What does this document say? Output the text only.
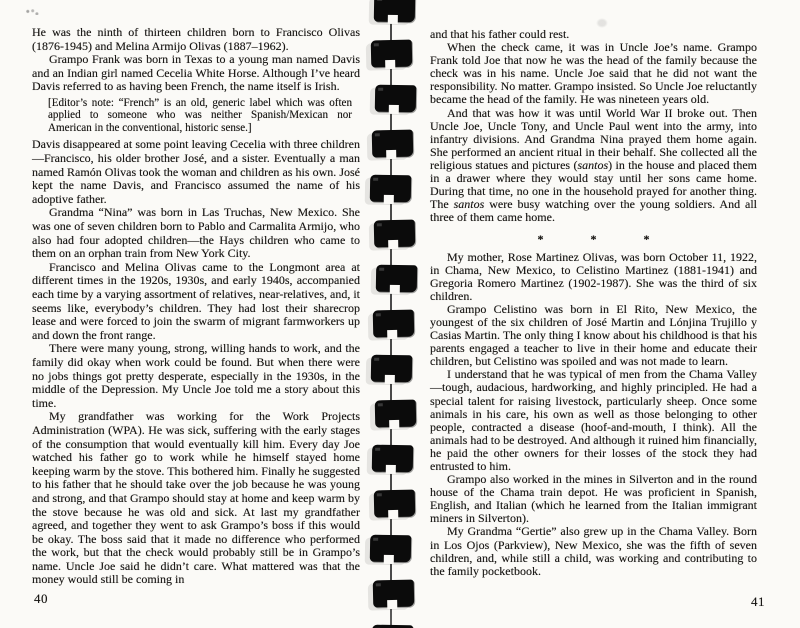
He was the ninth of thirteen children born to Francisco Olivas (1876-1945) and Melina Armijo Olivas (1887–1962).

Grampo Frank was born in Texas to a young man named Davis and an Indian girl named Cecelia White Horse. Although I’ve heard Davis referred to as having been French, the name itself is Irish.

[Editor’s note: “French” is an old, generic label which was often applied to someone who was neither Spanish/Mexican nor American in the conventional, historic sense.]

Davis disappeared at some point leaving Cecelia with three children—Francisco, his older brother José, and a sister. Eventually a man named Ramón Olivas took the woman and children as his own. José kept the name Davis, and Francisco assumed the name of his adoptive father.

Grandma “Nina” was born in Las Truchas, New Mexico. She was one of seven children born to Pablo and Carmalita Armijo, who also had four adopted children—the Hays children who came to them on an orphan train from New York City.

Francisco and Melina Olivas came to the Longmont area at different times in the 1920s, 1930s, and early 1940s, accompanied each time by a varying assortment of relatives, near-relatives, and, it seems like, everybody’s children. They had lost their sharecrop lease and were forced to join the swarm of migrant farmworkers up and down the front range.

There were many young, strong, willing hands to work, and the family did okay when work could be found. But when there were no jobs things got pretty desperate, especially in the 1930s, in the middle of the Depression. My Uncle Joe told me a story about this time.

My grandfather was working for the Work Projects Administration (WPA). He was sick, suffering with the early stages of the consumption that would eventually kill him. Every day Joe watched his father go to work while he himself stayed home keeping warm by the stove. This bothered him. Finally he suggested to his father that he should take over the job because he was young and strong, and that Grampo should stay at home and keep warm by the stove because he was old and sick. At last my grandfather agreed, and together they went to ask Grampo’s boss if this would be okay. The boss said that it made no difference who performed the work, but that the check would probably still be in Grampo’s name. Uncle Joe said he didn’t care. What mattered was that the money would still be coming in

40

and that his father could rest.

When the check came, it was in Uncle Joe’s name. Grampo Frank told Joe that now he was the head of the family because the check was in his name. Uncle Joe said that he did not want the responsibility. No matter. Grampo insisted. So Uncle Joe reluctantly became the head of the family. He was nineteen years old.

And that was how it was until World War II broke out. Then Uncle Joe, Uncle Tony, and Uncle Paul went into the army, into infantry divisions. And Grandma Nina prayed them home again. She performed an ancient ritual in their behalf. She collected all the religious statues and pictures (santos) in the house and placed them in a drawer where they would stay until her sons came home. During that time, no one in the household prayed for another thing. The santos were busy watching over the young soldiers. And all three of them came home.

* * *

My mother, Rose Martinez Olivas, was born October 11, 1922, in Chama, New Mexico, to Celistino Martinez (1881-1941) and Gregoria Romero Martinez (1902-1987). She was the third of six children.

Grampo Celistino was born in El Rito, New Mexico, the youngest of the six children of José Martin and Lónjina Trujillo y Casias Martin. The only thing I know about his childhood is that his parents engaged a teacher to live in their home and educate their children, but Celistino was spoiled and was not made to learn.

I understand that he was typical of men from the Chama Valley—tough, audacious, hardworking, and highly principled. He had a special talent for raising livestock, particularly sheep. Once some animals in his care, his own as well as those belonging to other people, contracted a disease (hoof-and-mouth, I think). All the animals had to be destroyed. And although it ruined him financially, he paid the other owners for their losses of the stock they had entrusted to him.

Grampo also worked in the mines in Silverton and in the round house of the Chama train depot. He was proficient in Spanish, English, and Italian (which he learned from the Italian immigrant miners in Silverton).

My Grandma “Gertie” also grew up in the Chama Valley. Born in Los Ojos (Parkview), New Mexico, she was the fifth of seven children, and, while still a child, was working and contributing to the family pocketbook.

41
